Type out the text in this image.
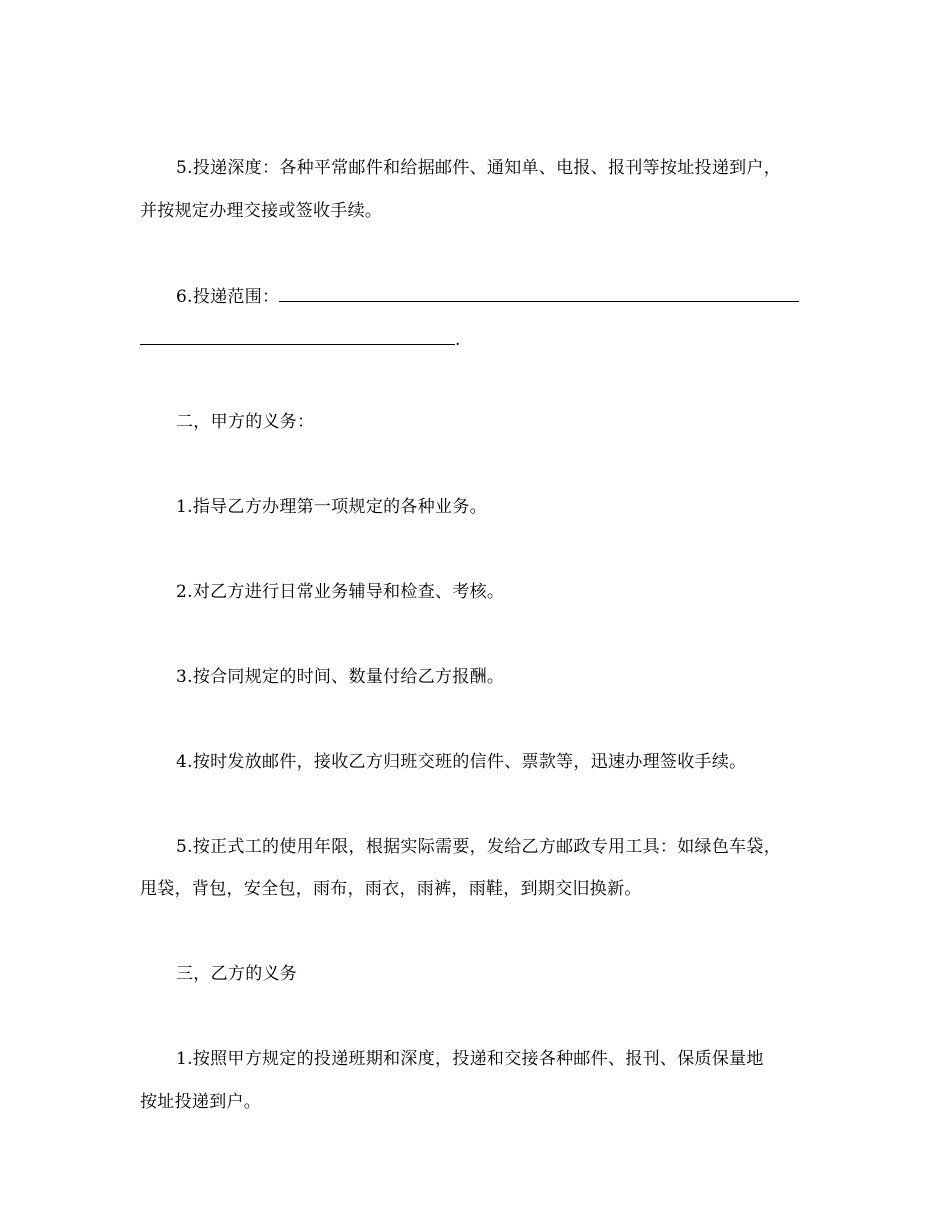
5.投递深度：各种平常邮件和给据邮件、通知单、电报、报刊等按址投递到户，
并按规定办理交接或签收手续。
6.投递范围：
.
二，甲方的义务：
1.指导乙方办理第一项规定的各种业务。
2.对乙方进行日常业务辅导和检查、考核。
3.按合同规定的时间、数量付给乙方报酬。
4.按时发放邮件，接收乙方归班交班的信件、票款等，迅速办理签收手续。
5.按正式工的使用年限，根据实际需要，发给乙方邮政专用工具：如绿色车袋，
甩袋，背包，安全包，雨布，雨衣，雨裤，雨鞋，到期交旧换新。
三，乙方的义务
1.按照甲方规定的投递班期和深度，投递和交接各种邮件、报刊、保质保量地
按址投递到户。
